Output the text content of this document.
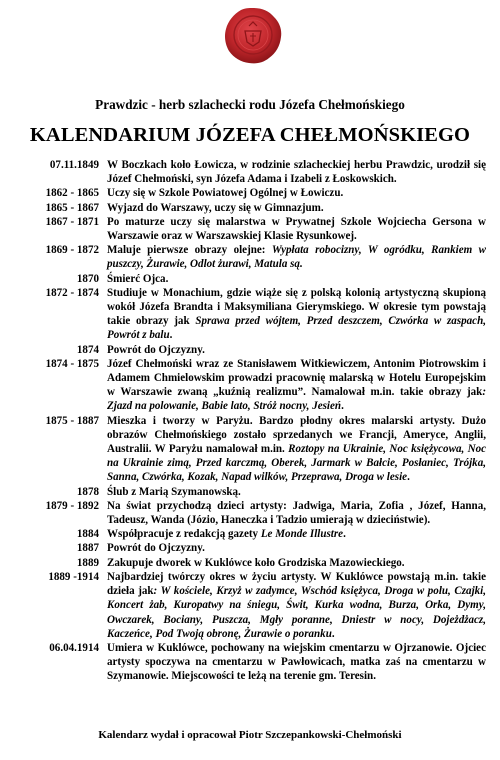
Prawdzic - herb szlachecki rodu Józefa Chełmońskiego
KALENDARIUM JÓZEFA CHEŁMOŃSKIEGO
07.11.1849 W Boczkach koło Łowicza, w rodzinie szlacheckiej herbu Prawdzic, urodził się Józef Chełmoński, syn Józefa Adama i Izabeli z Łoskowskich.
1862 - 1865 Uczy się w Szkole Powiatowej Ogólnej w Łowiczu.
1865 - 1867 Wyjazd do Warszawy, uczy się w Gimnazjum.
1867 - 1871 Po maturze uczy się malarstwa w Prywatnej Szkole Wojciecha Gersona w Warszawie oraz w Warszawskiej Klasie Rysunkowej.
1869 - 1872 Maluje pierwsze obrazy olejne: Wypłata robocizny, W ogródku, Rankiem w puszczy, Żurawie, Odlot żurawi, Matula są.
1870 Śmierć Ojca.
1872 - 1874 Studiuje w Monachium, gdzie wiąże się z polską kolonią artystyczną skupioną wokół Józefa Brandta i Maksymiliana Gierymskiego. W okresie tym powstają takie obrazy jak Sprawa przed wójtem, Przed deszczem, Czwórka w zaspach, Powrót z balu.
1874 Powrót do Ojczyzny.
1874 - 1875 Józef Chełmoński wraz ze Stanisławem Witkiewiczem, Antonim Piotrowskim i Adamem Chmielowskim prowadzi pracownię malarską w Hotelu Europejskim w Warszawie zwaną „kuźnią realizmu”. Namalował m.in. takie obrazy jak: Zjazd na polowanie, Babie lato, Stróż nocny, Jesień.
1875 - 1887 Mieszka i tworzy w Paryżu. Bardzo płodny okres malarski artysty. Dużo obrazów Chełmońskiego zostało sprzedanych we Francji, Ameryce, Anglii, Australii. W Paryżu namalował m.in. Roztopy na Ukrainie, Noc księżycowa, Noc na Ukrainie zimą, Przed karczmą, Oberek, Jarmark w Bałcie, Posłaniec, Trójka, Sanna, Czwórka, Kozak, Napad wilków, Przeprawa, Droga w lesie.
1878 Ślub z Marią Szymanowską.
1879 - 1892 Na świat przychodzą dzieci artysty: Jadwiga, Maria, Zofia , Józef, Hanna, Tadeusz, Wanda (Józio, Haneczka i Tadzio umierają w dzieciństwie).
1884 Współpracuje z redakcją gazety Le Monde Illustre.
1887 Powrót do Ojczyzny.
1889 Zakupuje dworek w Kuklówce koło Grodziska Mazowieckiego.
1889 -1914 Najbardziej twórczy okres w życiu artysty. W Kuklówce powstają m.in. takie dzieła jak: W kościele, Krzyż w zadymce, Wschód księżyca, Droga w polu, Czajki, Koncert żab, Kuropatwy na śniegu, Świt, Kurka wodna, Burza, Orka, Dymy, Owczarek, Bociany, Puszcza, Mgły poranne, Dniestr w nocy, Dojeżdżacz, Kaczeńce, Pod Twoją obronę, Żurawie o poranku.
06.04.1914 Umiera w Kuklówce, pochowany na wiejskim cmentarzu w Ojrzanowie. Ojciec artysty spoczywa na cmentarzu w Pawłowicach, matka zaś na cmentarzu w Szymanowie. Miejscowości te leżą na terenie gm. Teresin.
Kalendarz wydał i opracował Piotr Szczepankowski-Chełmoński
